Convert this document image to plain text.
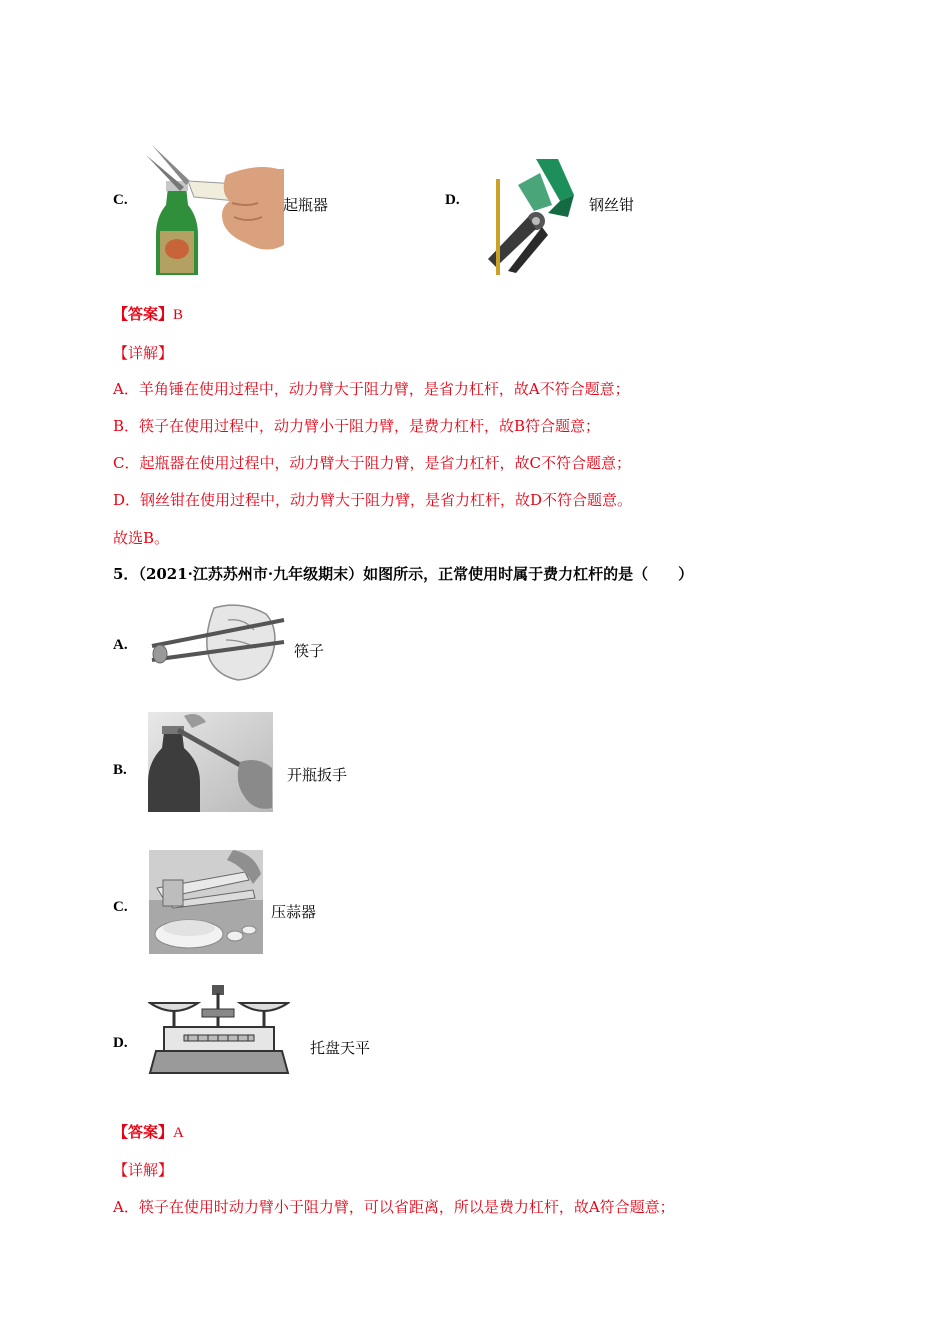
C.	起瓶器	D.	钢丝钳
【答案】B
【详解】
A．羊角锤在使用过程中，动力臂大于阻力臂，是省力杠杆，故A不符合题意；
B．筷子在使用过程中，动力臂小于阻力臂，是费力杠杆，故B符合题意；
C．起瓶器在使用过程中，动力臂大于阻力臂，是省力杠杆，故C不符合题意；
D．钢丝钳在使用过程中，动力臂大于阻力臂，是省力杠杆，故D不符合题意。
故选B。
5．（2021·江苏苏州市·九年级期末）如图所示，正常使用时属于费力杠杆的是（　　）
A.	筷子
B.	开瓶扳手
C.	压蒜器
D.	托盘天平
【答案】A
【详解】
A．筷子在使用时动力臂小于阻力臂，可以省距离，所以是费力杠杆，故A符合题意；
